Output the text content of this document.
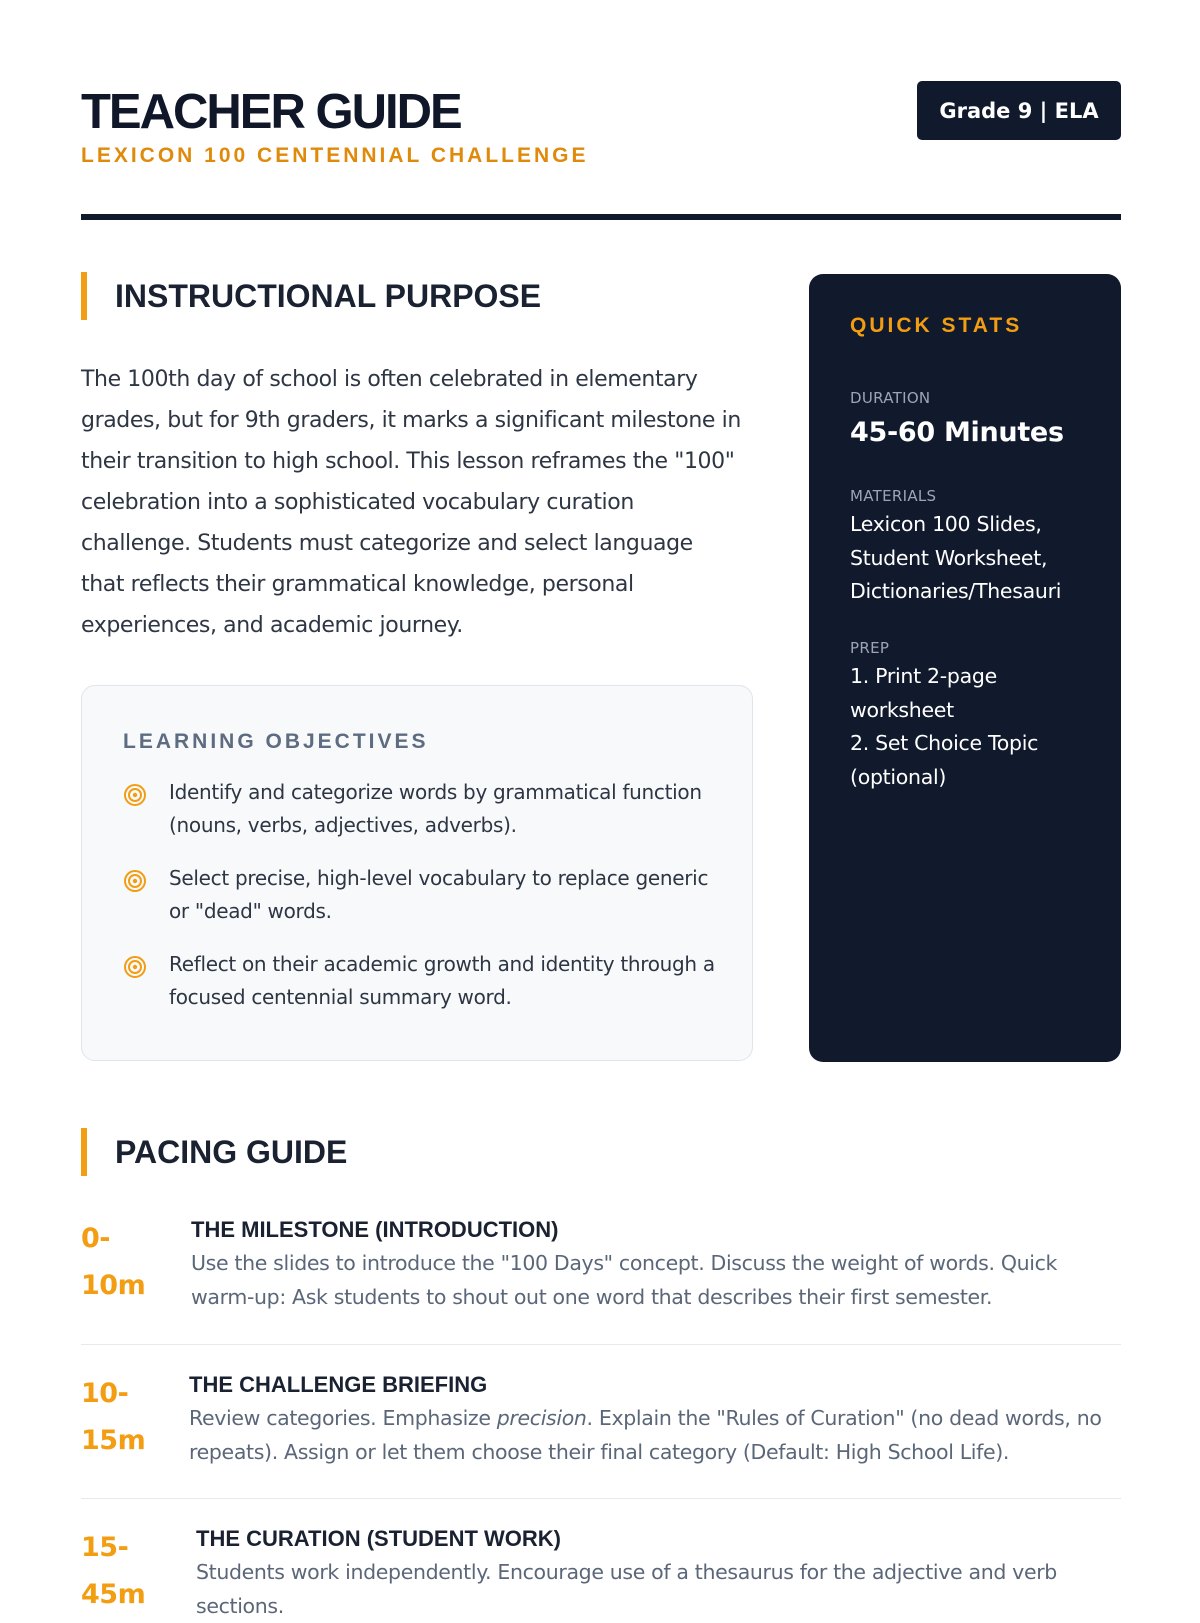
TEACHER GUIDE
LEXICON 100 CENTENNIAL CHALLENGE
Grade 9 | ELA
INSTRUCTIONAL PURPOSE

The 100th day of school is often celebrated in elementary grades, but for 9th graders, it marks a significant milestone in their transition to high school. This lesson reframes the "100" celebration into a sophisticated vocabulary curation challenge. Students must categorize and select language that reflects their grammatical knowledge, personal experiences, and academic journey.

LEARNING OBJECTIVES
Identify and categorize words by grammatical function (nouns, verbs, adjectives, adverbs).
Select precise, high-level vocabulary to replace generic or "dead" words.
Reflect on their academic growth and identity through a focused centennial summary word.
QUICK STATS
DURATION
45-60 Minutes
MATERIALS

Lexicon 100 Slides, Student Worksheet, Dictionaries/Thesauri

PREP

1. Print 2-page worksheet

2. Set Choice Topic (optional)

PACING GUIDE
0-
10m
THE MILESTONE (INTRODUCTION)

Use the slides to introduce the "100 Days" concept. Discuss the weight of words. Quick warm-up: Ask students to shout out one word that describes their first semester.

10-
15m
THE CHALLENGE BRIEFING

Review categories. Emphasize precision. Explain the "Rules of Curation" (no dead words, no repeats). Assign or let them choose their final category (Default: High School Life).

15-
45m
THE CURATION (STUDENT WORK)

Students work independently. Encourage use of a thesaurus for the adjective and verb sections.
